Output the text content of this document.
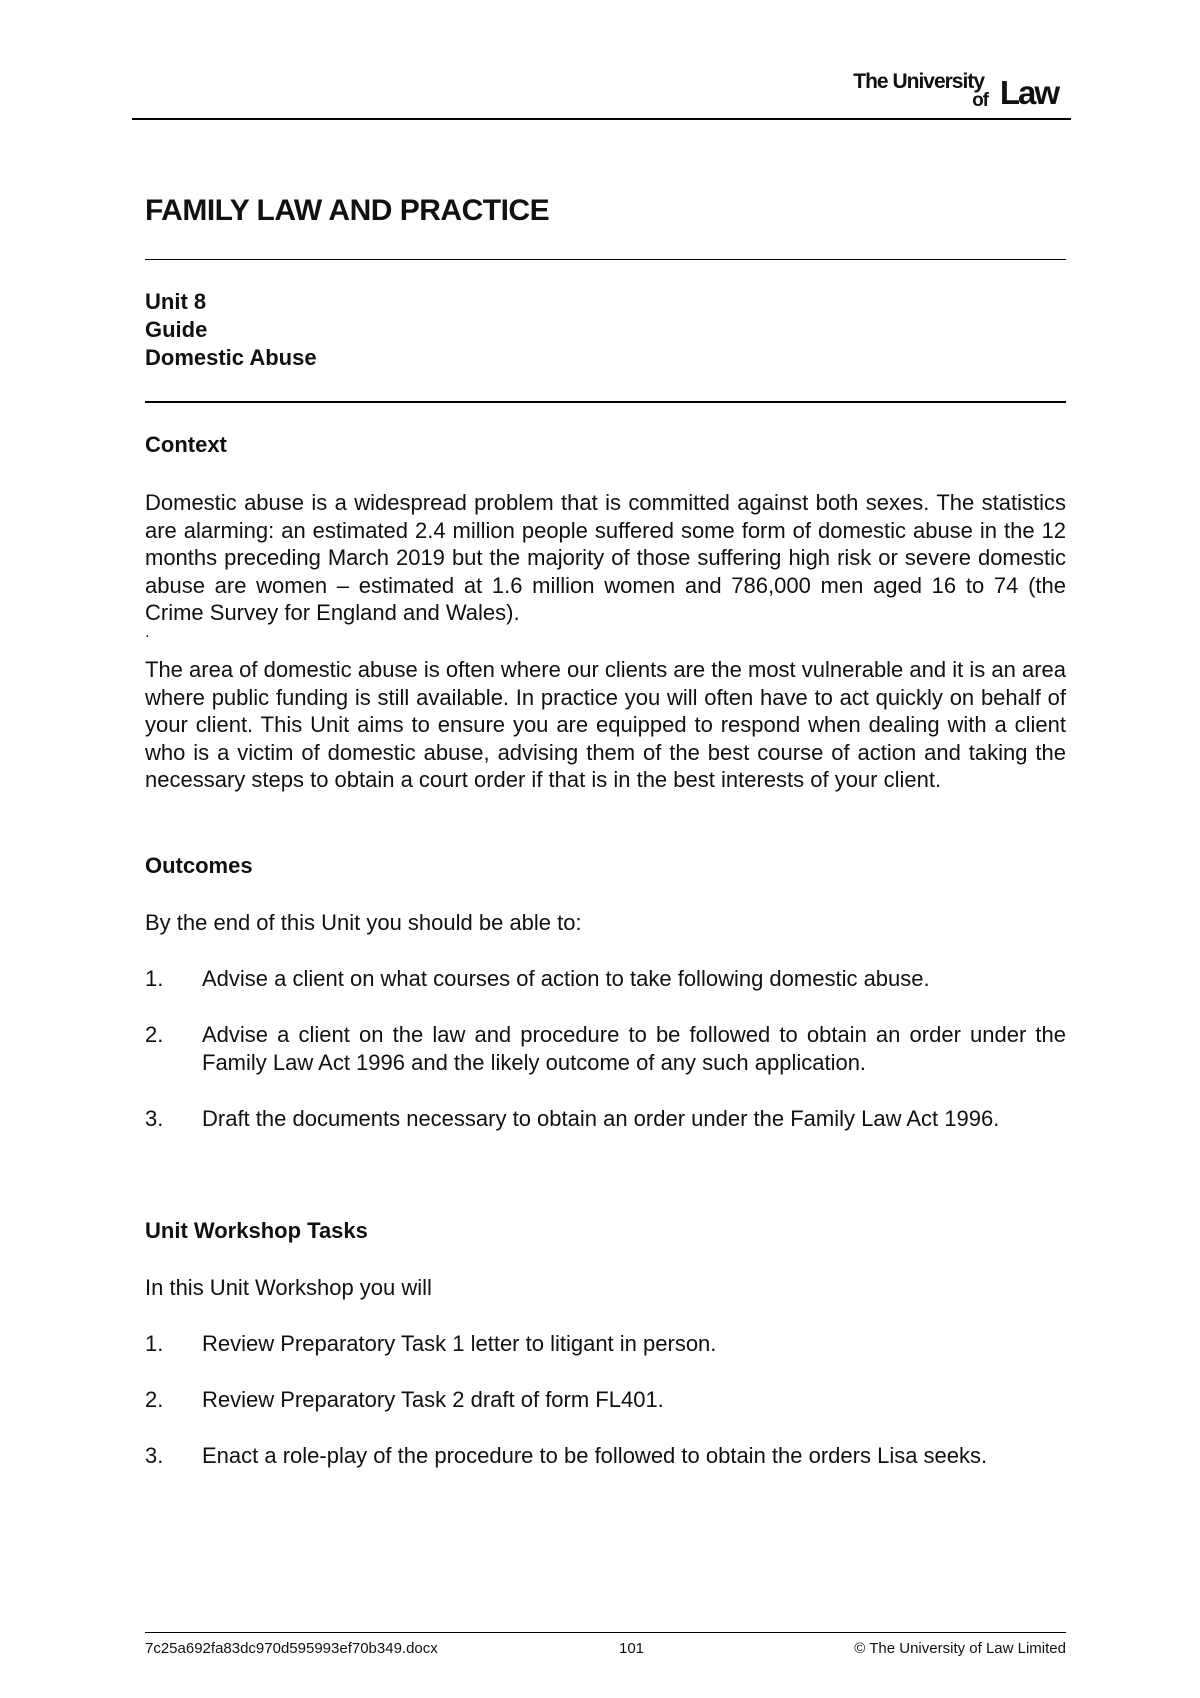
The University
of Law
FAMILY LAW AND PRACTICE
Unit 8
Guide
Domestic Abuse
Context

Domestic abuse is a widespread problem that is committed against both sexes. The statistics are alarming: an estimated 2.4 million people suffered some form of domestic abuse in the 12 months preceding March 2019 but the majority of those suffering high risk or severe domestic abuse are women – estimated at 1.6 million women and 786,000 men aged 16 to 74 (the Crime Survey for England and Wales).

.

The area of domestic abuse is often where our clients are the most vulnerable and it is an area where public funding is still available. In practice you will often have to act quickly on behalf of your client. This Unit aims to ensure you are equipped to respond when dealing with a client who is a victim of domestic abuse, advising them of the best course of action and taking the necessary steps to obtain a court order if that is in the best interests of your client.

Outcomes

By the end of this Unit you should be able to:

1.	Advise a client on what courses of action to take following domestic abuse.
2.	Advise a client on the law and procedure to be followed to obtain an order under the Family Law Act 1996 and the likely outcome of any such application.
3.	Draft the documents necessary to obtain an order under the Family Law Act 1996.
Unit Workshop Tasks

In this Unit Workshop you will

1.	Review Preparatory Task 1 letter to litigant in person.
2.	Review Preparatory Task 2 draft of form FL401.
3.	Enact a role-play of the procedure to be followed to obtain the orders Lisa seeks.
7c25a692fa83dc970d595993ef70b349.docx	101	© The University of Law Limited
